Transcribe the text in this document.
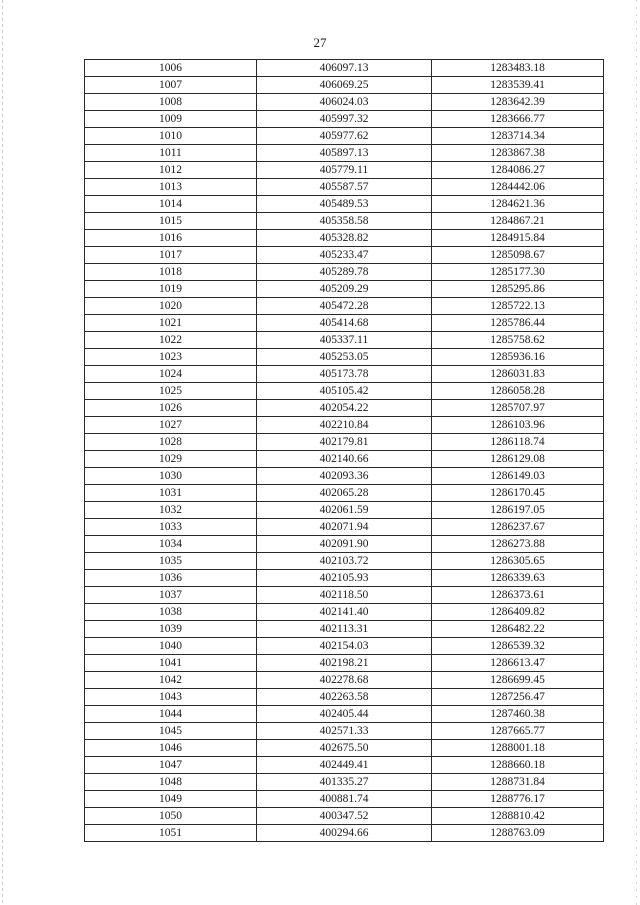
27
1006	406097.13	1283483.18
1007	406069.25	1283539.41
1008	406024.03	1283642.39
1009	405997.32	1283666.77
1010	405977.62	1283714.34
1011	405897.13	1283867.38
1012	405779.11	1284086.27
1013	405587.57	1284442.06
1014	405489.53	1284621.36
1015	405358.58	1284867.21
1016	405328.82	1284915.84
1017	405233.47	1285098.67
1018	405289.78	1285177.30
1019	405209.29	1285295.86
1020	405472.28	1285722.13
1021	405414.68	1285786.44
1022	405337.11	1285758.62
1023	405253.05	1285936.16
1024	405173.78	1286031.83
1025	405105.42	1286058.28
1026	402054.22	1285707.97
1027	402210.84	1286103.96
1028	402179.81	1286118.74
1029	402140.66	1286129.08
1030	402093.36	1286149.03
1031	402065.28	1286170.45
1032	402061.59	1286197.05
1033	402071.94	1286237.67
1034	402091.90	1286273.88
1035	402103.72	1286305.65
1036	402105.93	1286339.63
1037	402118.50	1286373.61
1038	402141.40	1286409.82
1039	402113.31	1286482.22
1040	402154.03	1286539.32
1041	402198.21	1286613.47
1042	402278.68	1286699.45
1043	402263.58	1287256.47
1044	402405.44	1287460.38
1045	402571.33	1287665.77
1046	402675.50	1288001.18
1047	402449.41	1288660.18
1048	401335.27	1288731.84
1049	400881.74	1288776.17
1050	400347.52	1288810.42
1051	400294.66	1288763.09
